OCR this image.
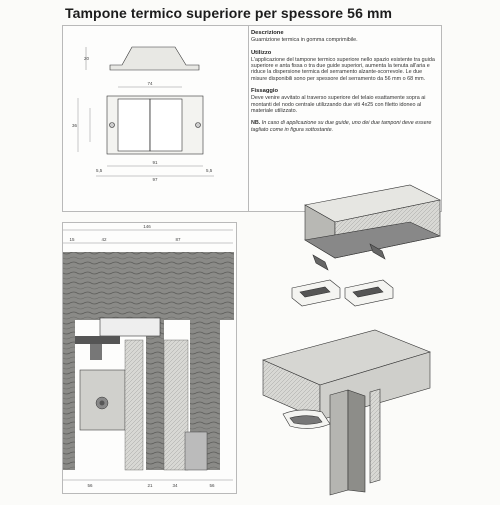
Tampone termico superiore per spessore 56 mm
Descrizione

Guarnizione termica in gomma comprimibile.

Utilizzo

L'applicazione del tampone termico superiore nello spazio esistente tra guida superiore e anta fissa o tra due guide superiori, aumenta la tenuta all'aria e riduce la dispersione termica del serramento alzante-scorrevole. Le due misure disponibili sono per spessore del serramento da 56 mm o 68 mm.

Fissaggio

Deve venire avvitato al traverso superiore del telaio esattamente sopra ai montanti del nodo centrale utilizzando due viti 4x25 con filetto idoneo al materiale utilizzato.

NB. In caso di applicazione su due guide, uno dei due tamponi deve essere tagliato come in figura sottostante.

74
91
97
5,5	5,5
36
20
146
15	42	87
56	21	34	56
